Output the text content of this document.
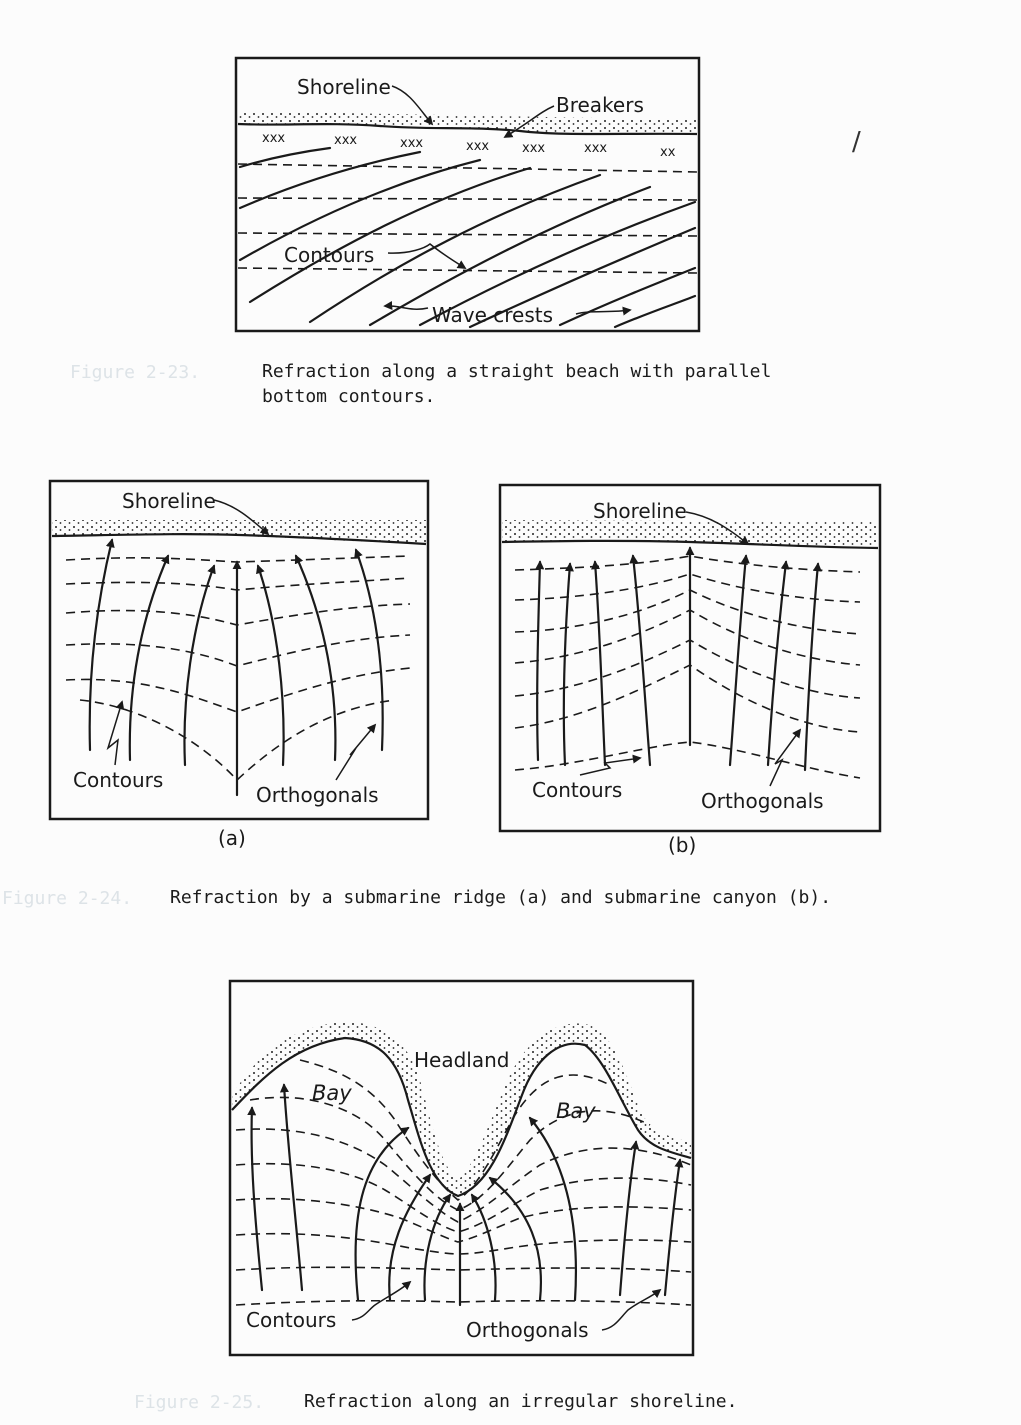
xxx	xxx	xxx	xxx	xxx	xxx	xx
Shoreline
Breakers
Contours
Wave crests
Shoreline
Contours
Orthogonals
(a)
Shoreline
Contours	Orthogonals
(b)
Headland
Bay
Bay
Contours	Orthogonals
/
Figure 2-23.	Refraction along a straight beach with parallel
bottom contours.
Figure 2-24. Refraction by a submarine ridge (a) and submarine canyon (b).
Figure 2-25. Refraction along an irregular shoreline.
